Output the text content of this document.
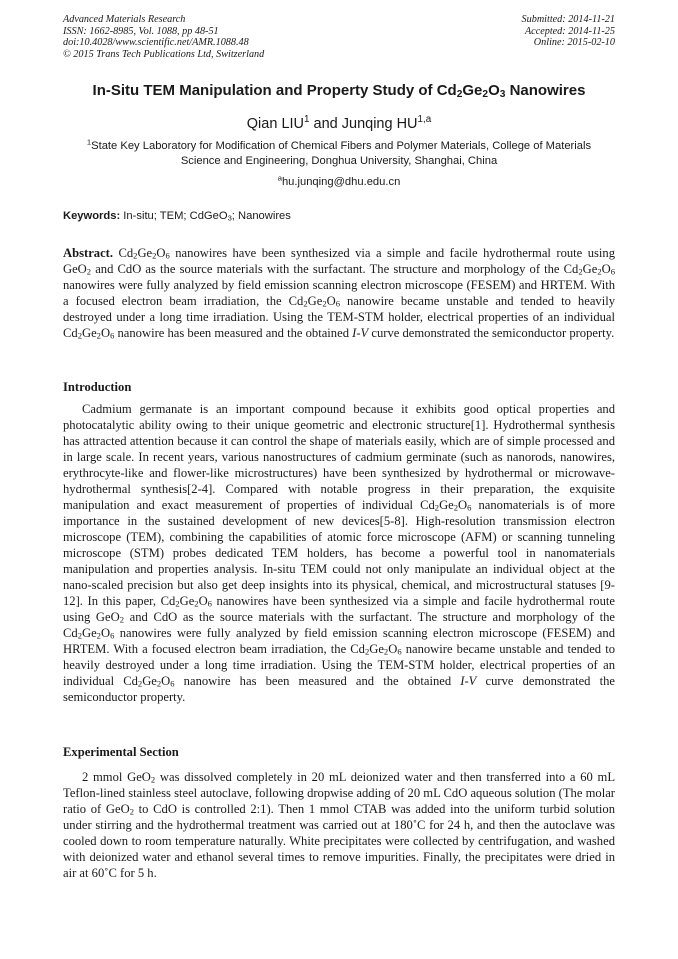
Advanced Materials Research
ISSN: 1662-8985, Vol. 1088, pp 48-51
doi:10.4028/www.scientific.net/AMR.1088.48
© 2015 Trans Tech Publications Ltd, Switzerland
Submitted: 2014-11-21
Accepted: 2014-11-25
Online: 2015-02-10
In-Situ TEM Manipulation and Property Study of $Cd_2Ge_2O_3$ Nanowires
Qian LIU$^1$ and Junqing HU$^{1,a}$
$^1$State Key Laboratory for Modification of Chemical Fibers and Polymer Materials, College of Materials Science and Engineering, Donghua University, Shanghai, China
$^a$hu.junqing@dhu.edu.cn
Keywords: In-situ; TEM; CdGeO$_3$; Nanowires

Abstract. $Cd_2Ge_2O_6$ nanowires have been synthesized via a simple and facile hydrothermal route using GeO$_2$ and CdO as the source materials with the surfactant. The structure and morphology of the $Cd_2Ge_2O_6$ nanowires were fully analyzed by field emission scanning electron microscope (FESEM) and HRTEM. With a focused electron beam irradiation, the $Cd_2Ge_2O_6$ nanowire became unstable and tended to heavily destroyed under a long time irradiation. Using the TEM-STM holder, electrical properties of an individual $Cd_2Ge_2O_6$ nanowire has been measured and the obtained I-V curve demonstrated the semiconductor property.

Introduction

Cadmium germanate is an important compound because it exhibits good optical properties and photocatalytic ability owing to their unique geometric and electronic structure[1]. Hydrothermal synthesis has attracted attention because it can control the shape of materials easily, which are of simple processed and in large scale. In recent years, various nanostructures of cadmium germinate (such as nanorods, nanowires, erythrocyte-like and flower-like microstructures) have been synthesized by hydrothermal or microwave-hydrothermal synthesis[2-4]. Compared with notable progress in their preparation, the exquisite manipulation and exact measurement of properties of individual $Cd_2Ge_2O_6$ nanomaterials is of more importance in the sustained development of new devices[5-8]. High-resolution transmission electron microscope (TEM), combining the capabilities of atomic force microscope (AFM) or scanning tunneling microscope (STM) probes dedicated TEM holders, has become a powerful tool in nanomaterials manipulation and properties analysis. In-situ TEM could not only manipulate an individual object at the nano-scaled precision but also get deep insights into its physical, chemical, and microstructural statuses [9-12]. In this paper, $Cd_2Ge_2O_6$ nanowires have been synthesized via a simple and facile hydrothermal route using GeO$_2$ and CdO as the source materials with the surfactant. The structure and morphology of the $Cd_2Ge_2O_6$ nanowires were fully analyzed by field emission scanning electron microscope (FESEM) and HRTEM. With a focused electron beam irradiation, the $Cd_2Ge_2O_6$ nanowire became unstable and tended to heavily destroyed under a long time irradiation. Using the TEM-STM holder, electrical properties of an individual $Cd_2Ge_2O_6$ nanowire has been measured and the obtained I-V curve demonstrated the semiconductor property.

Experimental Section

2 mmol GeO$_2$ was dissolved completely in 20 mL deionized water and then transferred into a 60 mL Teflon-lined stainless steel autoclave, following dropwise adding of 20 mL CdO aqueous solution (The molar ratio of GeO$_2$ to CdO is controlled 2:1). Then 1 mmol CTAB was added into the uniform turbid solution under stirring and the hydrothermal treatment was carried out at 180˚C for 24 h, and then the autoclave was cooled down to room temperature naturally. White precipitates were collected by centrifugation, and washed with deionized water and ethanol several times to remove impurities. Finally, the precipitates were dried in air at 60˚C for 5 h.
